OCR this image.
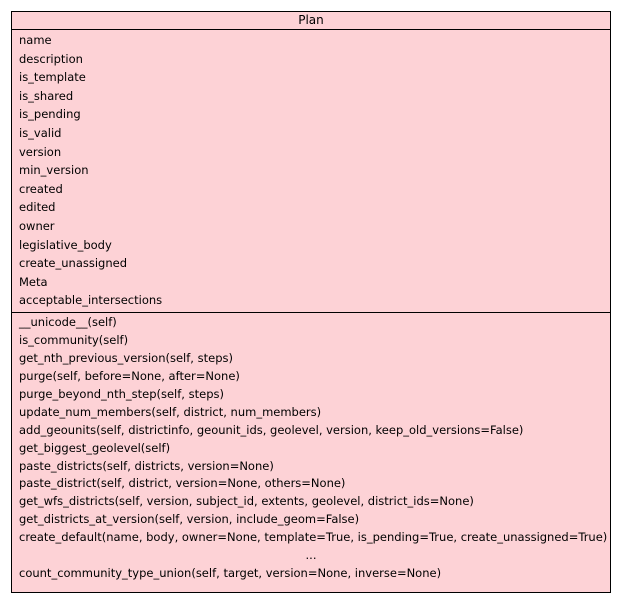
Plan
name
description
is_template
is_shared
is_pending
is_valid
version
min_version
created
edited
owner
legislative_body
create_unassigned
Meta
acceptable_intersections
__unicode__(self)
is_community(self)
get_nth_previous_version(self, steps)
purge(self, before=None, after=None)
purge_beyond_nth_step(self, steps)
update_num_members(self, district, num_members)
add_geounits(self, districtinfo, geounit_ids, geolevel, version, keep_old_versions=False)
get_biggest_geolevel(self)
paste_districts(self, districts, version=None)
paste_district(self, district, version=None, others=None)
get_wfs_districts(self, version, subject_id, extents, geolevel, district_ids=None)
get_districts_at_version(self, version, include_geom=False)
create_default(name, body, owner=None, template=True, is_pending=True, create_unassigned=True)
...
count_community_type_union(self, target, version=None, inverse=None)
